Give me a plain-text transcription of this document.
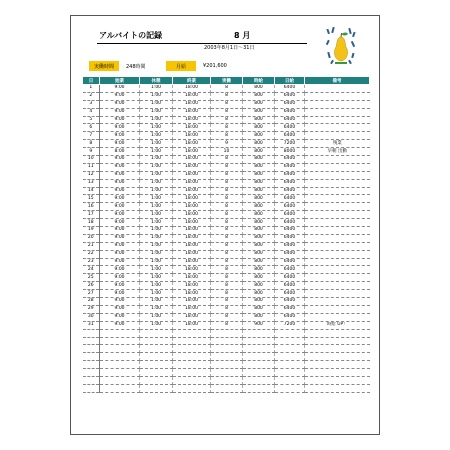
アルバイトの記録	8 月
2003年8月1日～31日
実働時間	248時間	月給	¥201,600
日	始業	休憩	終業	実働	時給	日給	備考
1	9:00	1:00	18:00	8	800	6400	
2	9:00	1:00	18:00	8	800	6400	
3	9:00	1:00	18:00	8	800	6400	
4	9:00	1:00	18:00	8	800	6400	
5	9:00	1:00	18:00	8	800	6400	
6	9:00	1:00	18:00	8	800	6400	
7	9:00	1:00	18:00	8	800	6400	
8	9:00	1:00	18:00	9	800	7200	残業
9	8:00	1:00	18:00	10	800	8000	早朝 出勤
10	9:00	1:00	18:00	8	800	6400	
11	9:00	1:00	18:00	8	800	6400	
12	9:00	1:00	18:00	8	800	6400	
13	9:00	1:00	18:00	8	800	6400	
14	9:00	1:00	18:00	8	800	6400	
15	9:00	1:00	18:00	8	800	6400	
16	9:00	1:00	18:00	8	800	6400	
17	9:00	1:00	18:00	8	800	6400	
18	9:00	1:00	18:00	8	800	6400	
19	9:00	1:00	18:00	8	800	6400	
20	9:00	1:00	18:00	8	800	6400	
21	9:00	1:00	18:00	8	800	6400	
22	9:00	1:00	18:00	8	800	6400	
23	9:00	1:00	18:00	8	800	6400	
24	9:00	1:00	18:00	8	800	6400	
25	9:00	1:00	18:00	8	800	6400	
26	9:00	1:00	18:00	8	800	6400	
27	9:00	1:00	18:00	8	800	6400	
28	9:00	1:00	18:00	8	800	6400	
29	9:00	1:00	18:00	8	800	6400	
30	9:00	1:00	18:00	8	800	6400	
31	9:00	1:00	18:00	8	900	7200	時給 UP！
